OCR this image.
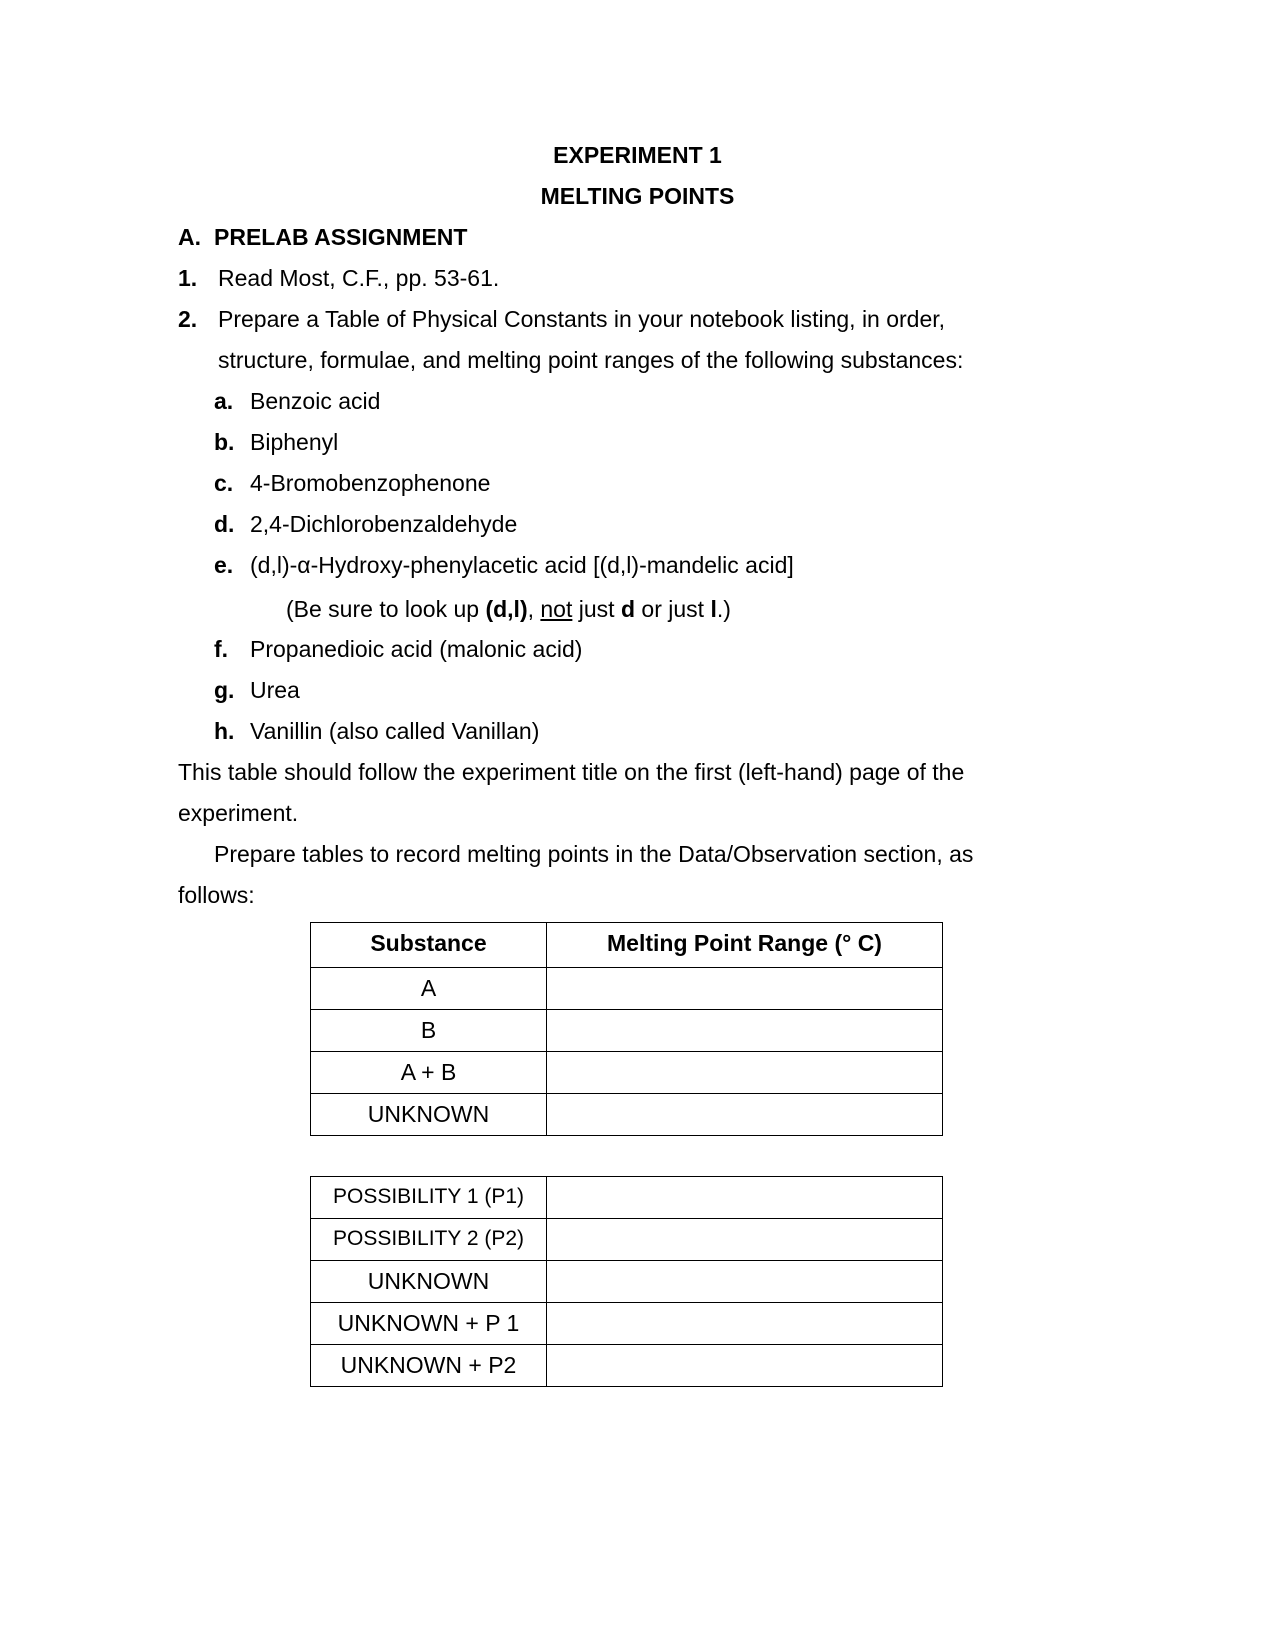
EXPERIMENT 1
MELTING POINTS
A. PRELAB ASSIGNMENT
1. Read Most, C.F., pp. 53-61.
2. Prepare a Table of Physical Constants in your notebook listing, in order,
structure, formulae, and melting point ranges of the following substances:
a. Benzoic acid
b. Biphenyl
c. 4-Bromobenzophenone
d. 2,4-Dichlorobenzaldehyde
e. (d,l)-α-Hydroxy-phenylacetic acid [(d,l)-mandelic acid]
(Be sure to look up (d,l), not just d or just l.)
f. Propanedioic acid (malonic acid)
g. Urea
h. Vanillin (also called Vanillan)
This table should follow the experiment title on the first (left-hand) page of the
experiment.
Prepare tables to record melting points in the Data/Observation section, as
follows:
Substance	Melting Point Range (° C)
A	
B	
A + B	
UNKNOWN	
POSSIBILITY 1 (P1)	
POSSIBILITY 2 (P2)	
UNKNOWN	
UNKNOWN + P 1	
UNKNOWN + P2	
